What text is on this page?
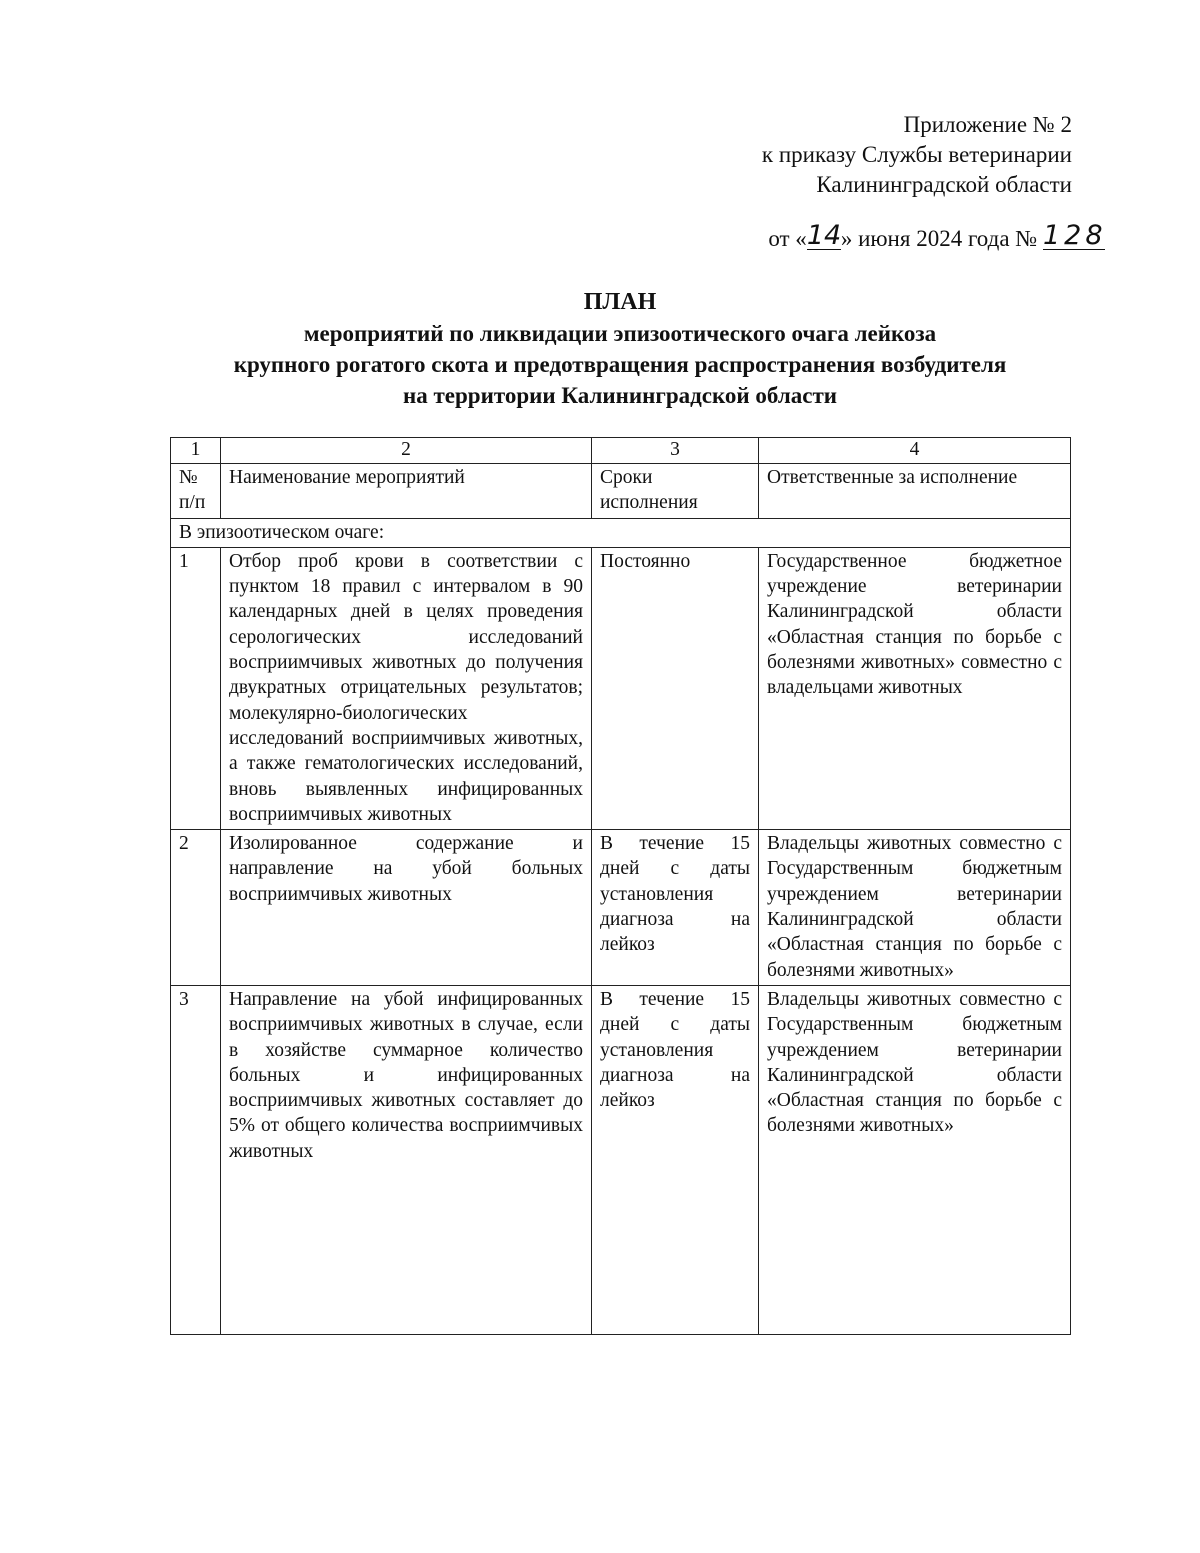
Приложение № 2
к приказу Службы ветеринарии
Калининградской области
от «14» июня 2024 года № 128
ПЛАН
мероприятий по ликвидации эпизоотического очага лейкоза
крупного рогатого скота и предотвращения распространения возбудителя
на территории Калининградской области
1	2	3	4
№ п/п	Наименование мероприятий	Сроки исполнения	Ответственные за исполнение
В эпизоотическом очаге:			
1	Отбор проб крови в соответствии с пунктом 18 правил с интервалом в 90 календарных дней в целях проведения серологических исследований восприимчивых животных до получения двукратных отрицательных результатов; молекулярно-биологических исследований восприимчивых животных, а также гематологических исследований, вновь выявленных инфицированных восприимчивых животных	Постоянно	Государственное бюджетное учреждение ветеринарии Калининградской области «Областная станция по борьбе с болезнями животных» совместно с владельцами животных
2	Изолированное содержание и направление на убой больных восприимчивых животных	В течение 15 дней с даты установления диагноза на лейкоз	Владельцы животных совместно с Государственным бюджетным учреждением ветеринарии Калининградской области «Областная станция по борьбе с болезнями животных»
3	Направление на убой инфицированных восприимчивых животных в случае, если в хозяйстве суммарное количество больных и инфицированных восприимчивых животных составляет до 5% от общего количества восприимчивых животных	В течение 15 дней с даты установления диагноза на лейкоз	Владельцы животных совместно с Государственным бюджетным учреждением ветеринарии Калининградской области «Областная станция по борьбе с болезнями животных»
